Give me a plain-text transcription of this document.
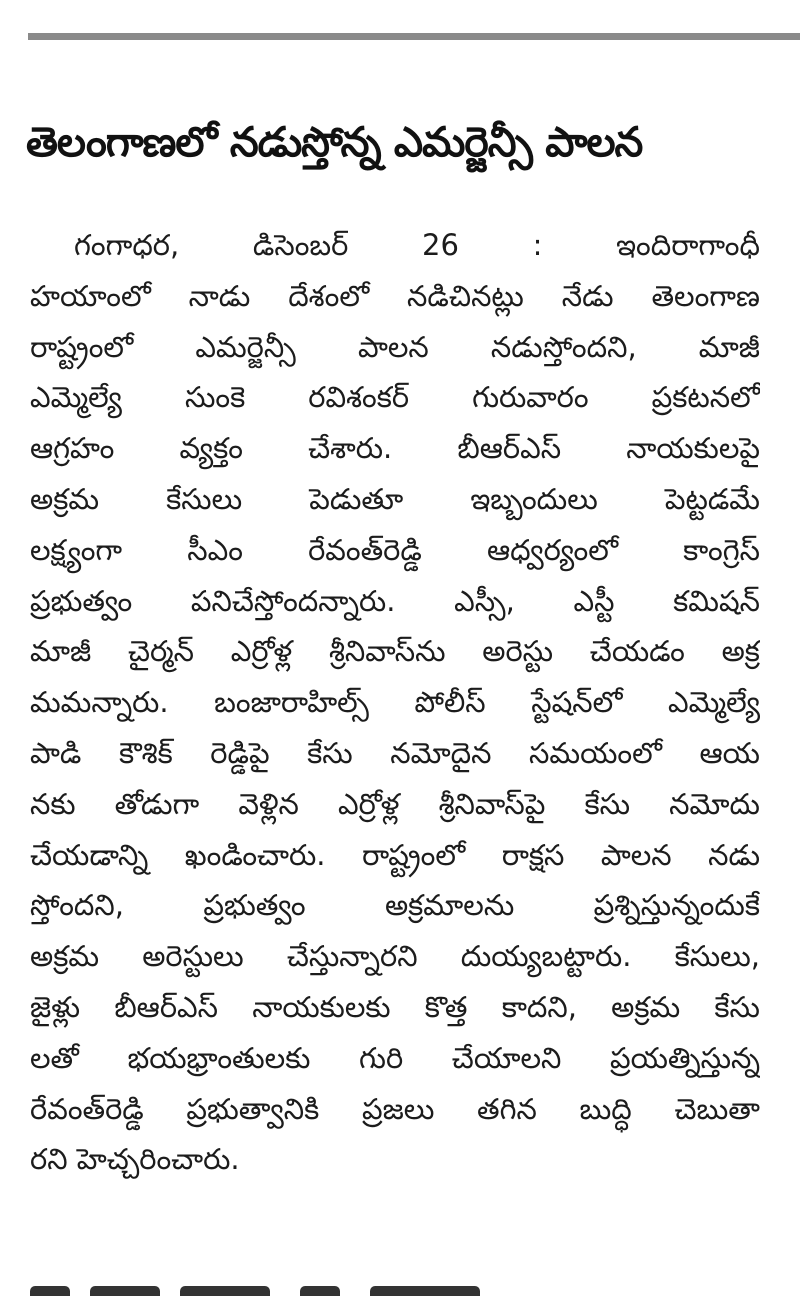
తెలంగాణలో నడుస్తోన్న ఎమర్జెన్సీ పాలన
గంగాధర,	డిసెంబర్	26	:	ఇందిరాగాంధీ
హయాంలో నాడు దేశంలో నడిచినట్లు నేడు తెలంగాణ
రాష్ట్రంలో ఎమర్జెన్సీ పాలన నడుస్తోందని, మాజీ
ఎమ్మెల్యే సుంకె రవిశంకర్ గురువారం ప్రకటనలో
ఆగ్రహం వ్యక్తం చేశారు. బీఆర్ఎస్ నాయకులపై
అక్రమ కేసులు పెడుతూ ఇబ్బందులు పెట్టడమే
లక్ష్యంగా సీఎం రేవంత్‌రెడ్డి ఆధ్వర్యంలో కాంగ్రెస్
ప్రభుత్వం పనిచేస్తోందన్నారు. ఎస్సీ, ఎస్టీ కమిషన్
మాజీ చైర్మన్ ఎర్రోళ్ల శ్రీనివాస్‌ను అరెస్టు చేయడం అక్ర
మమన్నారు. బంజారాహిల్స్ పోలీస్ స్టేషన్‌లో ఎమ్మెల్యే
పాడి కౌశిక్ రెడ్డిపై కేసు నమోదైన సమయంలో ఆయ
నకు తోడుగా వెళ్లిన ఎర్రోళ్ల శ్రీనివాస్‌పై కేసు నమోదు
చేయడాన్ని ఖండించారు. రాష్ట్రంలో రాక్షస పాలన నడు
స్తోందని,	ప్రభుత్వం	అక్రమాలను	ప్రశ్నిస్తున్నందుకే
అక్రమ అరెస్టులు చేస్తున్నారని దుయ్యబట్టారు. కేసులు,
జైళ్లు బీఆర్ఎస్ నాయకులకు కొత్త కాదని, అక్రమ కేసు
లతో భయభ్రాంతులకు గురి చేయాలని ప్రయత్నిస్తున్న
రేవంత్‌రెడ్డి ప్రభుత్వానికి ప్రజలు తగిన బుద్ధి చెబుతా
రని హెచ్చరించారు.
